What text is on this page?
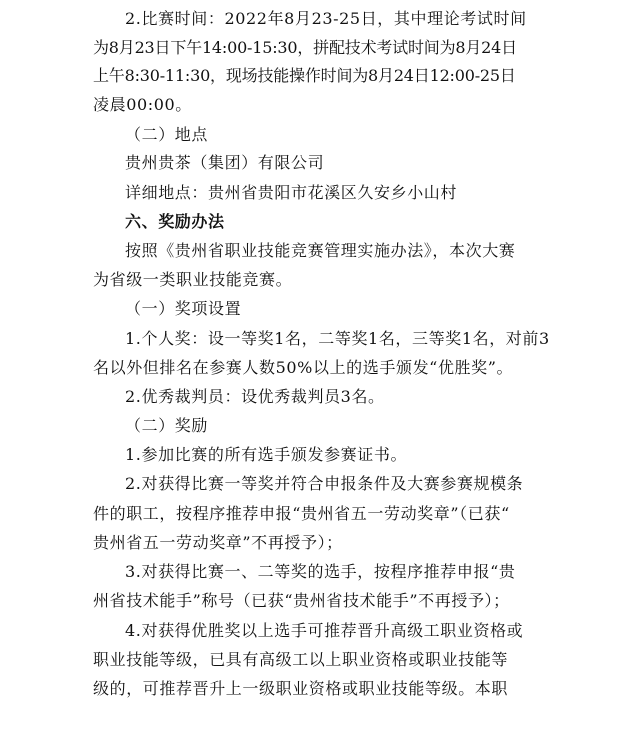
2.比赛时间：2022年8月23-25日，其中理论考试时间
为8月23日下午14:00-15:30，拼配技术考试时间为8月24日
上午8:30-11:30，现场技能操作时间为8月24日12:00-25日
凌晨00:00。
（二）地点
贵州贵茶（集团）有限公司
详细地点：贵州省贵阳市花溪区久安乡小山村
六、奖励办法
按照《贵州省职业技能竞赛管理实施办法》，本次大赛
为省级一类职业技能竞赛。
（一）奖项设置
1.个人奖：设一等奖1名，二等奖1名，三等奖1名，对前3
名以外但排名在参赛人数50%以上的选手颁发“优胜奖”。
2.优秀裁判员：设优秀裁判员3名。
（二）奖励
1.参加比赛的所有选手颁发参赛证书。
2.对获得比赛一等奖并符合申报条件及大赛参赛规模条
件的职工，按程序推荐申报“贵州省五一劳动奖章”（已获“
贵州省五一劳动奖章”不再授予）；
3.对获得比赛一、二等奖的选手，按程序推荐申报“贵
州省技术能手”称号（已获“贵州省技术能手”不再授予）；
4.对获得优胜奖以上选手可推荐晋升高级工职业资格或
职业技能等级，已具有高级工以上职业资格或职业技能等
级的，可推荐晋升上一级职业资格或职业技能等级。本职
